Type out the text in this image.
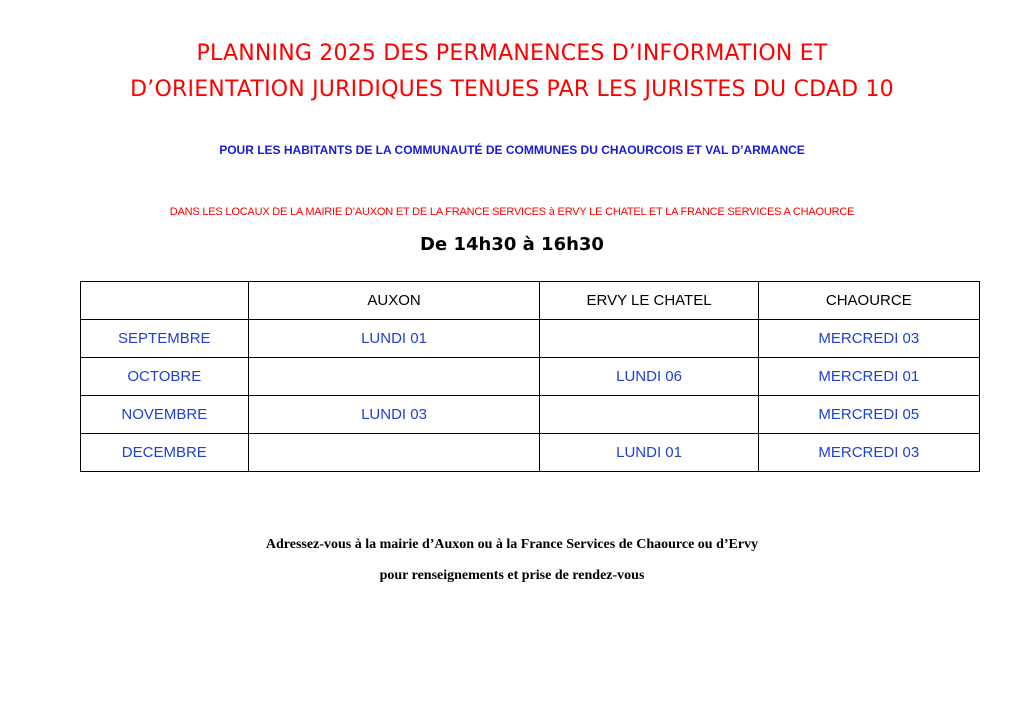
PLANNING 2025 DES PERMANENCES D’INFORMATION ET
D’ORIENTATION JURIDIQUES TENUES PAR LES JURISTES DU CDAD 10
POUR LES HABITANTS DE LA COMMUNAUTÉ DE COMMUNES DU CHAOURCOIS ET VAL D’ARMANCE
DANS LES LOCAUX DE LA MAIRIE D’AUXON ET DE LA FRANCE SERVICES à ERVY LE CHATEL ET LA FRANCE SERVICES A CHAOURCE
De 14h30 à 16h30
	AUXON	ERVY LE CHATEL	CHAOURCE
SEPTEMBRE	LUNDI 01		MERCREDI 03
OCTOBRE		LUNDI 06	MERCREDI 01
NOVEMBRE	LUNDI 03		MERCREDI 05
DECEMBRE		LUNDI 01	MERCREDI 03
Adressez-vous à la mairie d’Auxon ou à la France Services de Chaource ou d’Ervy
pour renseignements et prise de rendez-vous
